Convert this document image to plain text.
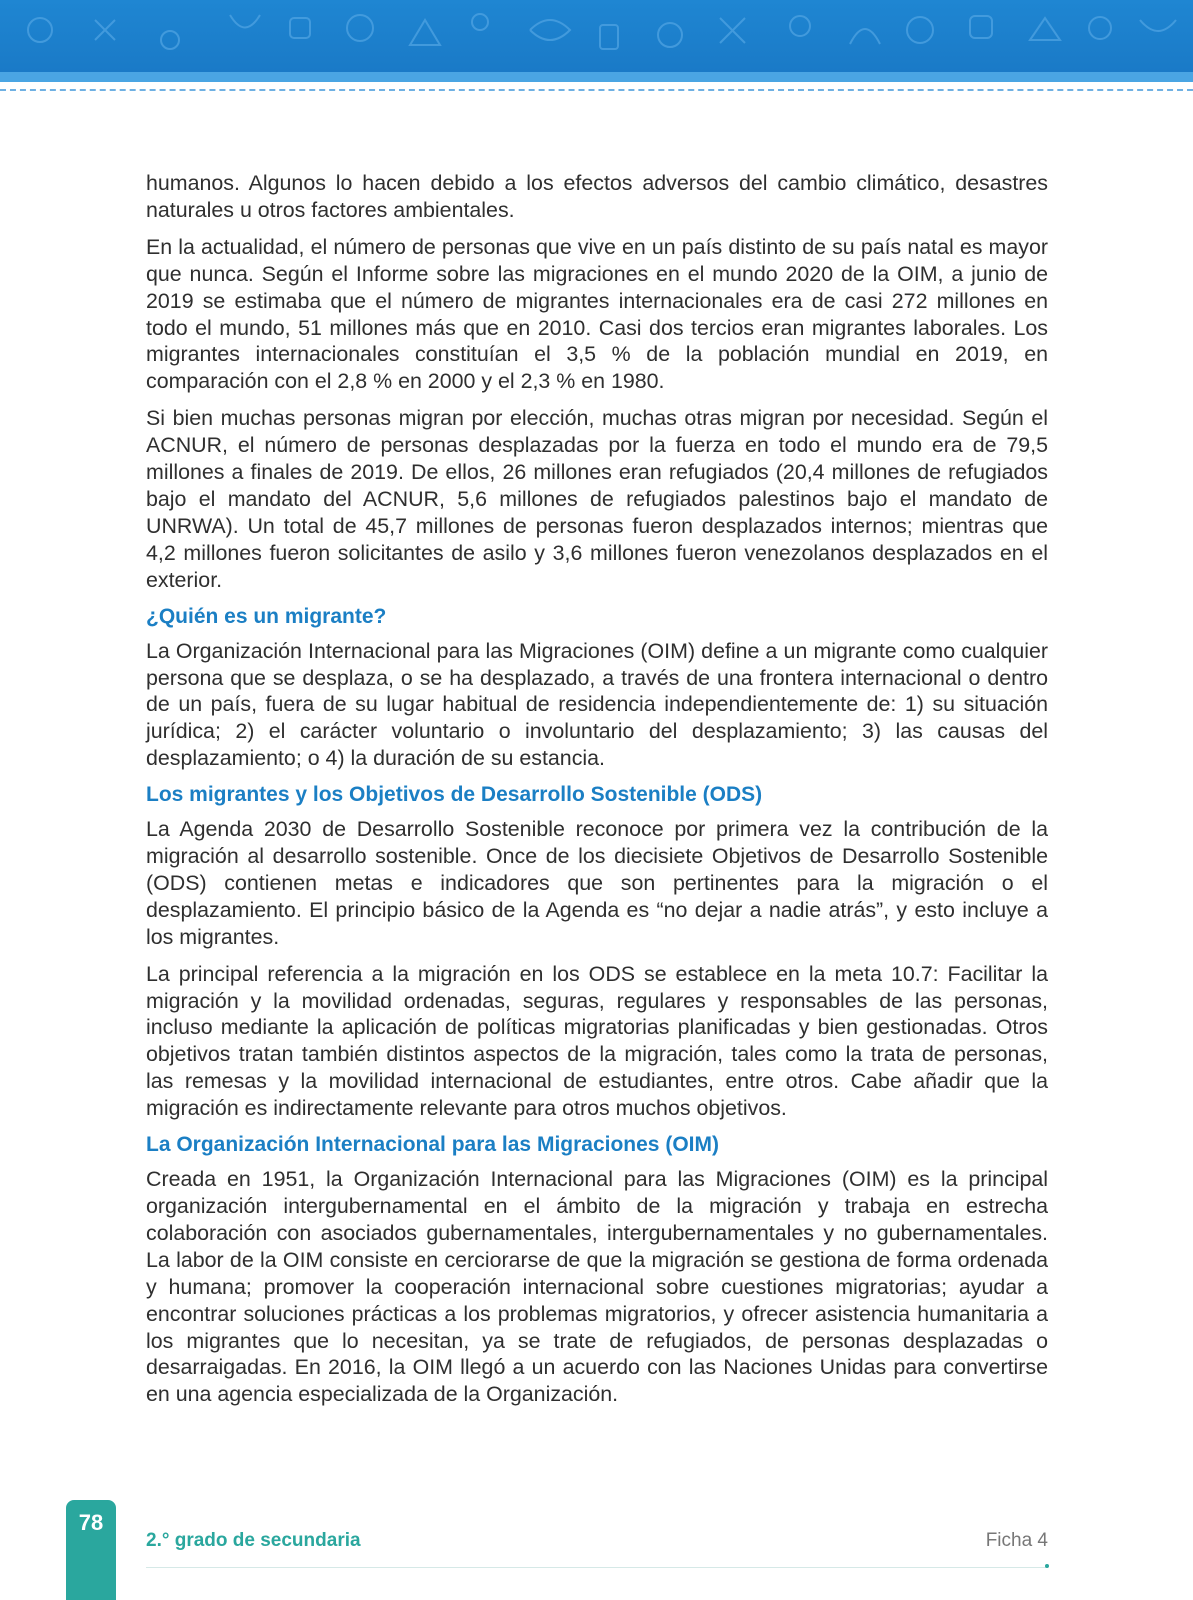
humanos. Algunos lo hacen debido a los efectos adversos del cambio climático, desastres naturales u otros factores ambientales.

En la actualidad, el número de personas que vive en un país distinto de su país natal es mayor que nunca. Según el Informe sobre las migraciones en el mundo 2020 de la OIM, a junio de 2019 se estimaba que el número de migrantes internacionales era de casi 272 millones en todo el mundo, 51 millones más que en 2010. Casi dos tercios eran migrantes laborales. Los migrantes internacionales constituían el 3,5 % de la población mundial en 2019, en comparación con el 2,8 % en 2000 y el 2,3 % en 1980.

Si bien muchas personas migran por elección, muchas otras migran por necesidad. Según el ACNUR, el número de personas desplazadas por la fuerza en todo el mundo era de 79,5 millones a finales de 2019. De ellos, 26 millones eran refugiados (20,4 millones de refugiados bajo el mandato del ACNUR, 5,6 millones de refugiados palestinos bajo el mandato de UNRWA). Un total de 45,7 millones de personas fueron desplazados internos; mientras que 4,2 millones fueron solicitantes de asilo y 3,6 millones fueron venezolanos desplazados en el exterior.

¿Quién es un migrante?

La Organización Internacional para las Migraciones (OIM) define a un migrante como cualquier persona que se desplaza, o se ha desplazado, a través de una frontera internacional o dentro de un país, fuera de su lugar habitual de residencia independientemente de: 1) su situación jurídica; 2) el carácter voluntario o involuntario del desplazamiento; 3) las causas del desplazamiento; o 4) la duración de su estancia.

Los migrantes y los Objetivos de Desarrollo Sostenible (ODS)

La Agenda 2030 de Desarrollo Sostenible reconoce por primera vez la contribución de la migración al desarrollo sostenible. Once de los diecisiete Objetivos de Desarrollo Sostenible (ODS) contienen metas e indicadores que son pertinentes para la migración o el desplazamiento. El principio básico de la Agenda es “no dejar a nadie atrás”, y esto incluye a los migrantes.

La principal referencia a la migración en los ODS se establece en la meta 10.7: Facilitar la migración y la movilidad ordenadas, seguras, regulares y responsables de las personas, incluso mediante la aplicación de políticas migratorias planificadas y bien gestionadas. Otros objetivos tratan también distintos aspectos de la migración, tales como la trata de personas, las remesas y la movilidad internacional de estudiantes, entre otros. Cabe añadir que la migración es indirectamente relevante para otros muchos objetivos.

La Organización Internacional para las Migraciones (OIM)

Creada en 1951, la Organización Internacional para las Migraciones (OIM) es la principal organización intergubernamental en el ámbito de la migración y trabaja en estrecha colaboración con asociados gubernamentales, intergubernamentales y no gubernamentales. La labor de la OIM consiste en cerciorarse de que la migración se gestiona de forma ordenada y humana; promover la cooperación internacional sobre cuestiones migratorias; ayudar a encontrar soluciones prácticas a los problemas migratorios, y ofrecer asistencia humanitaria a los migrantes que lo necesitan, ya se trate de refugiados, de personas desplazadas o desarraigadas. En 2016, la OIM llegó a un acuerdo con las Naciones Unidas para convertirse en una agencia especializada de la Organización.

78
2.° grado de secundaria	Ficha 4
